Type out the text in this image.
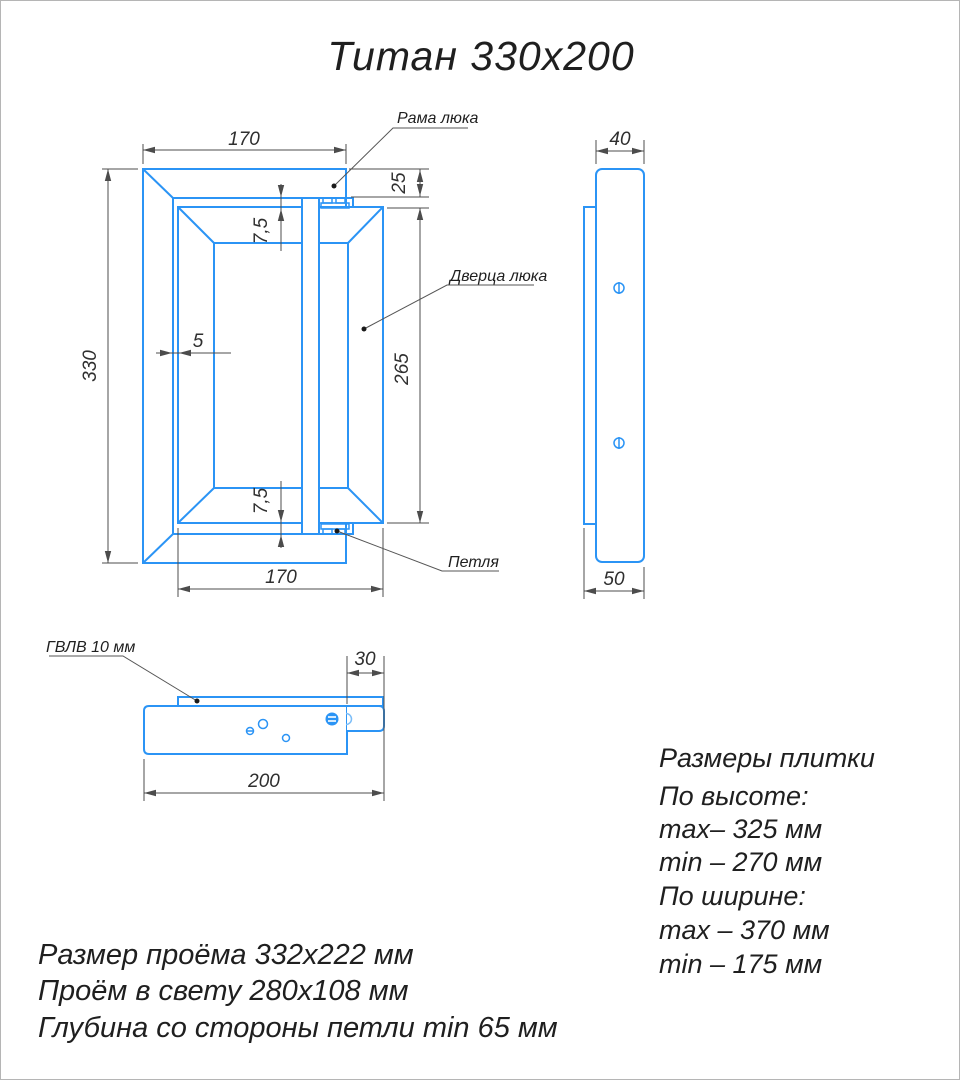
Титан 330x200
170
330
25
265
7,5
7,5
5
170
Рама люка
Дверца люка
Петля
40
50
30
200
ГВЛВ 10 мм
Размеры плитки
По высоте:
max– 325 мм
min – 270 мм
По ширине:
max – 370 мм
min – 175 мм
Размер проёма 332x222 мм
Проём в свету 280x108 мм
Глубина со стороны петли min 65 мм
